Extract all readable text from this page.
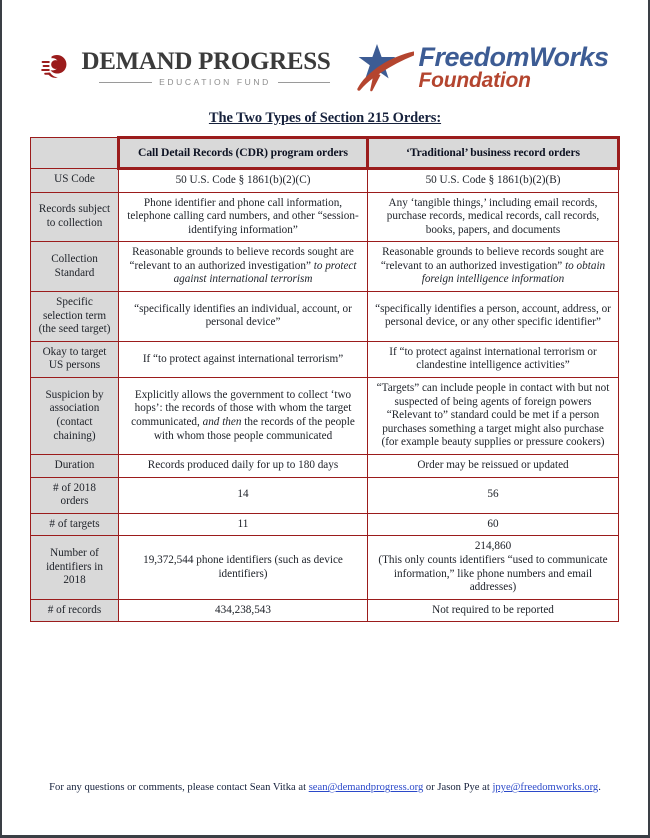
DEMAND PROGRESS
EDUCATION FUND
FreedomWorks
Foundation
The Two Types of Section 215 Orders:
	Call Detail Records (CDR) program orders	‘Traditional’ business record orders
US Code	50 U.S. Code § 1861(b)(2)(C)	50 U.S. Code § 1861(b)(2)(B)
Records subject to collection	Phone identifier and phone call information, telephone calling card numbers, and other “session-identifying information”	Any ‘tangible things,’ including email records, purchase records, medical records, call records, books, papers, and documents
Collection Standard	Reasonable grounds to believe records sought are “relevant to an authorized investigation” to protect against international terrorism	Reasonable grounds to believe records sought are “relevant to an authorized investigation” to obtain foreign intelligence information
Specific selection term (the seed target)	“specifically identifies an individual, account, or personal device”	“specifically identifies a person, account, address, or personal device, or any other specific identifier”
Okay to target US persons	If “to protect against international terrorism”	If “to protect against international terrorism or clandestine intelligence activities”
Suspicion by association (contact chaining)	Explicitly allows the government to collect ‘two hops’: the records of those with whom the target communicated, and then the records of the people with whom those people communicated	“Targets” can include people in contact with but not suspected of being agents of foreign powers
“Relevant to” standard could be met if a person purchases something a target might also purchase (for example beauty supplies or pressure cookers)

Duration	Records produced daily for up to 180 days	Order may be reissued or updated
# of 2018 orders	14	56
# of targets	11	60
Number of identifiers in 2018	19,372,544 phone identifiers (such as device identifiers)	214,860
(This only counts identifiers “used to communicate information,” like phone numbers and email addresses)

# of records	434,238,543	Not required to be reported
For any questions or comments, please contact Sean Vitka at sean@demandprogress.org or Jason Pye at jpye@freedomworks.org.
